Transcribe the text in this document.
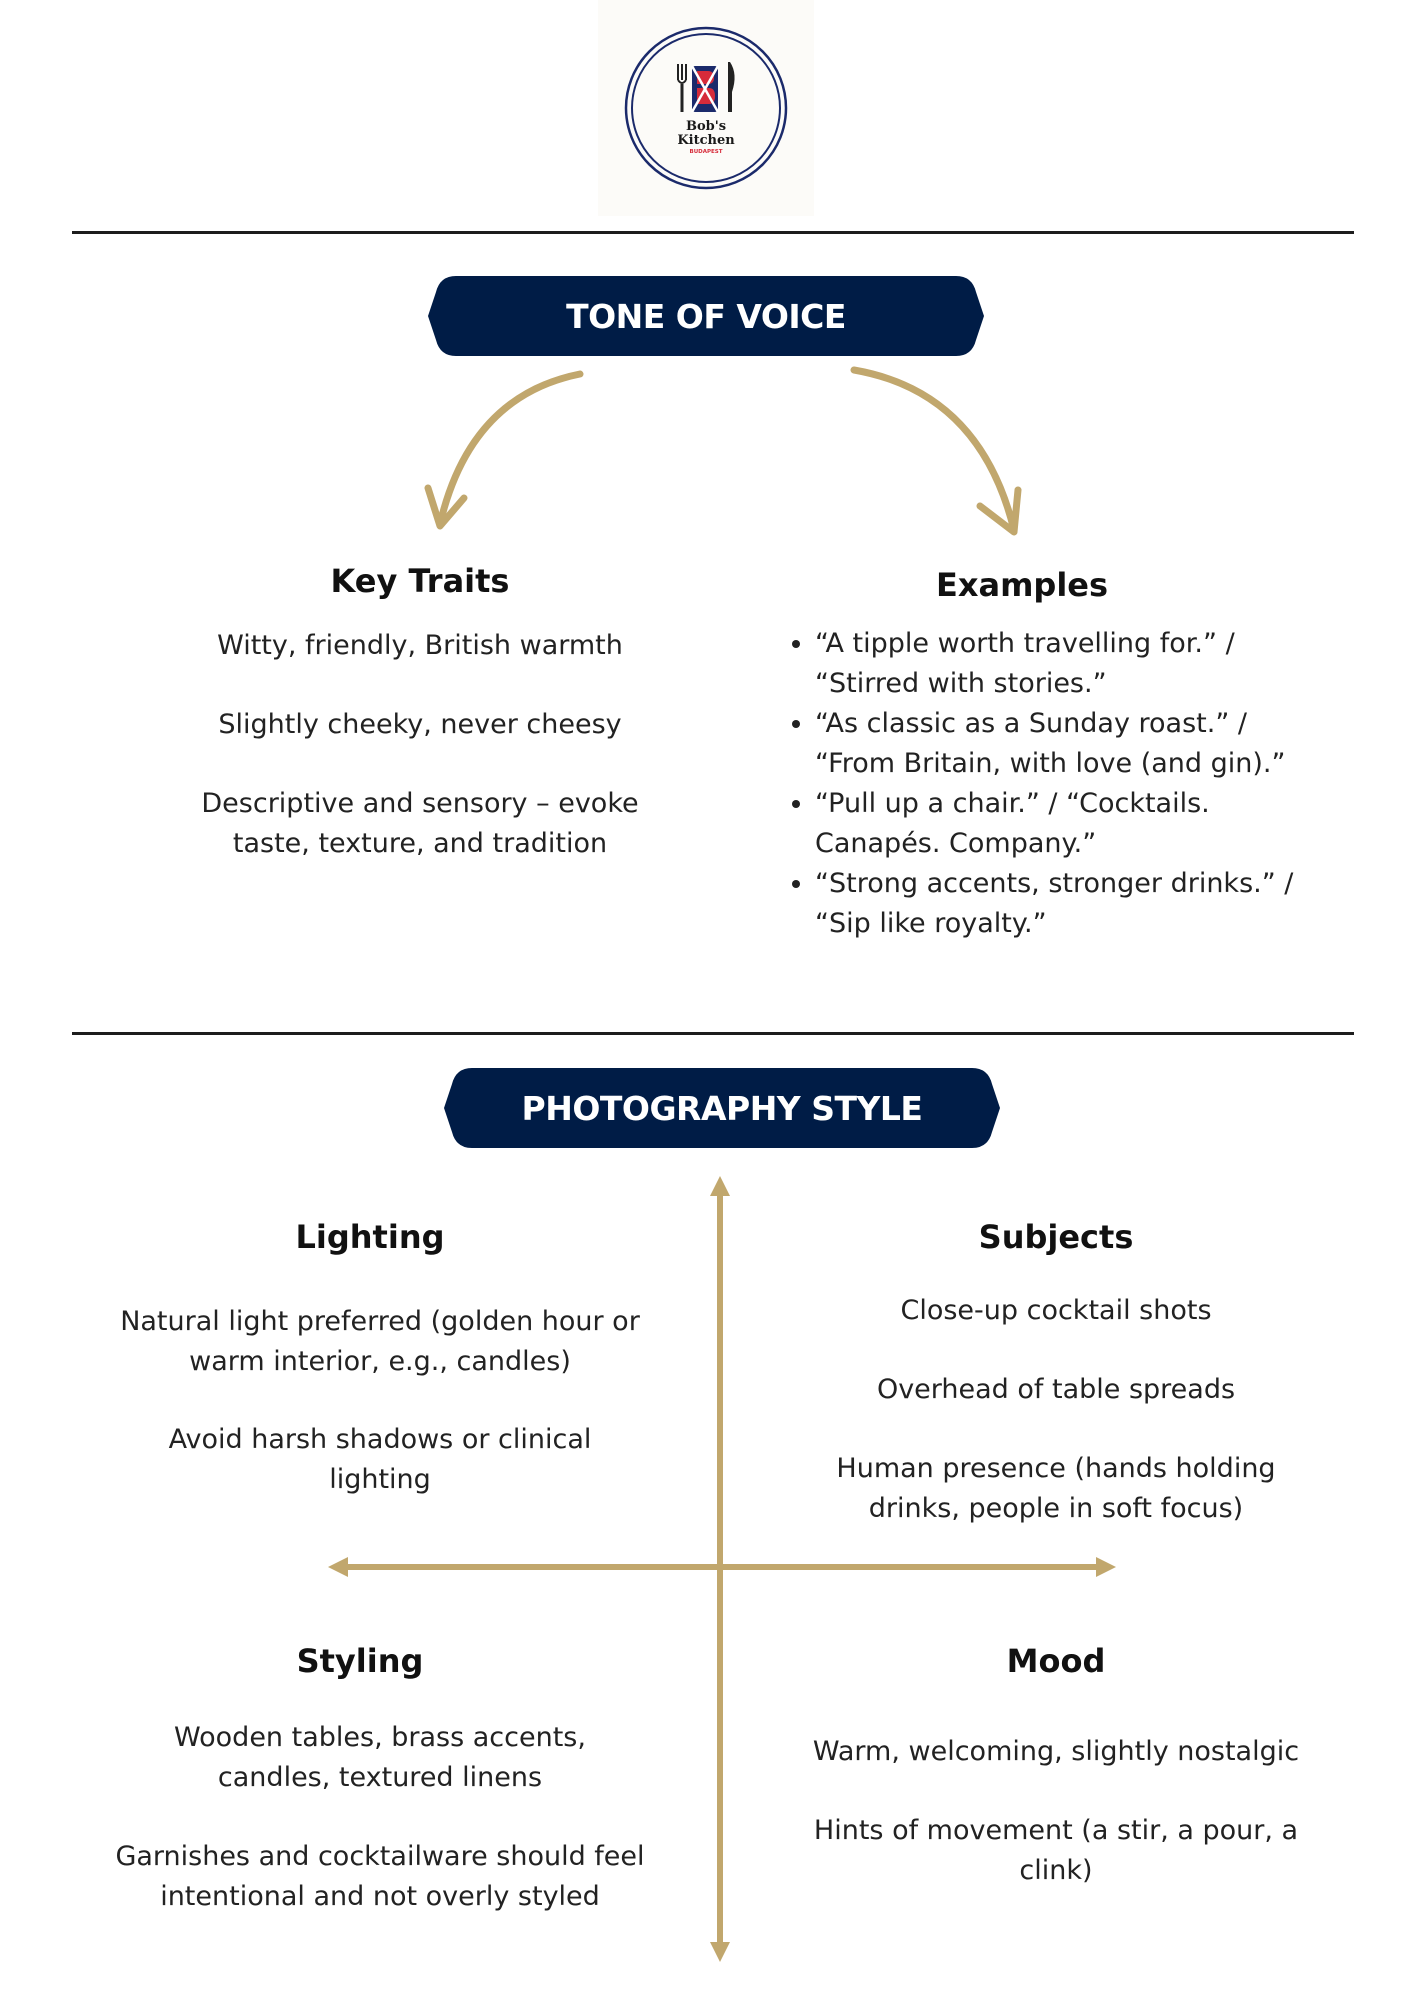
Bob's
Kitchen
BUDAPEST
TONE OF VOICE
Key Traits

Witty, friendly, British warmth

Slightly cheeky, never cheesy

Descriptive and sensory – evoke taste, texture, and tradition

Examples
• “A tipple worth travelling for.” / “Stirred with stories.”
• “As classic as a Sunday roast.” / “From Britain, with love (and gin).”
• “Pull up a chair.” / “Cocktails. Canapés. Company.”
• “Strong accents, stronger drinks.” / “Sip like royalty.”
PHOTOGRAPHY STYLE
Lighting

Natural light preferred (golden hour or warm interior, e.g., candles)

Avoid harsh shadows or clinical lighting

Subjects

Close-up cocktail shots

Overhead of table spreads

Human presence (hands holding drinks, people in soft focus)

Styling

Wooden tables, brass accents, candles, textured linens

Garnishes and cocktailware should feel intentional and not overly styled

Mood

Warm, welcoming, slightly nostalgic

Hints of movement (a stir, a pour, a clink)
